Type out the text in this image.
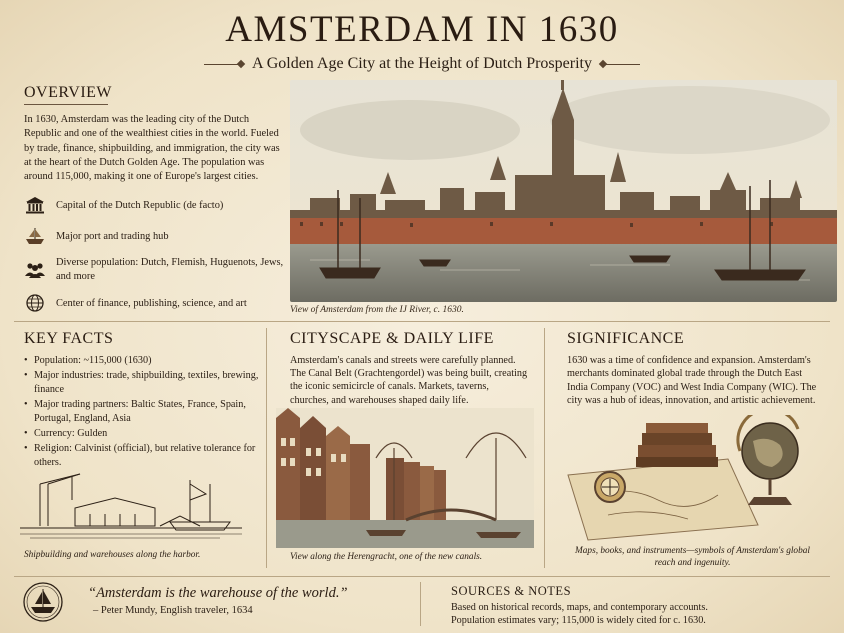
AMSTERDAM IN 1630
A Golden Age City at the Height of Dutch Prosperity
OVERVIEW
In 1630, Amsterdam was the leading city of the Dutch Republic and one of the wealthiest cities in the world. Fueled by trade, finance, shipbuilding, and immigration, the city was at the heart of the Dutch Golden Age. The population was around 115,000, making it one of Europe's largest cities.
Capital of the Dutch Republic (de facto)
Major port and trading hub
Diverse population: Dutch, Flemish, Huguenots, Jews, and more
Center of finance, publishing, science, and art
View of Amsterdam from the IJ River, c. 1630.
KEY FACTS
• Population: ~115,000 (1630)
• Major industries: trade, shipbuilding, textiles, brewing, finance
• Major trading partners: Baltic States, France, Spain, Portugal, England, Asia
• Currency: Gulden
• Religion: Calvinist (official), but relative tolerance for others.
Shipbuilding and warehouses along the harbor.
CITYSCAPE & DAILY LIFE
Amsterdam's canals and streets were carefully planned. The Canal Belt (Grachtengordel) was being built, creating the iconic semicircle of canals. Markets, taverns, churches, and warehouses shaped daily life.
View along the Herengracht, one of the new canals.
SIGNIFICANCE
1630 was a time of confidence and expansion. Amsterdam's merchants dominated global trade through the Dutch East India Company (VOC) and West India Company (WIC). The city was a hub of ideas, innovation, and artistic achievement.
Maps, books, and instruments—symbols of Amsterdam's global reach and ingenuity.
“Amsterdam is the warehouse of the world.”
– Peter Mundy, English traveler, 1634
SOURCES & NOTES
Based on historical records, maps, and contemporary accounts.
Population estimates vary; 115,000 is widely cited for c. 1630.
